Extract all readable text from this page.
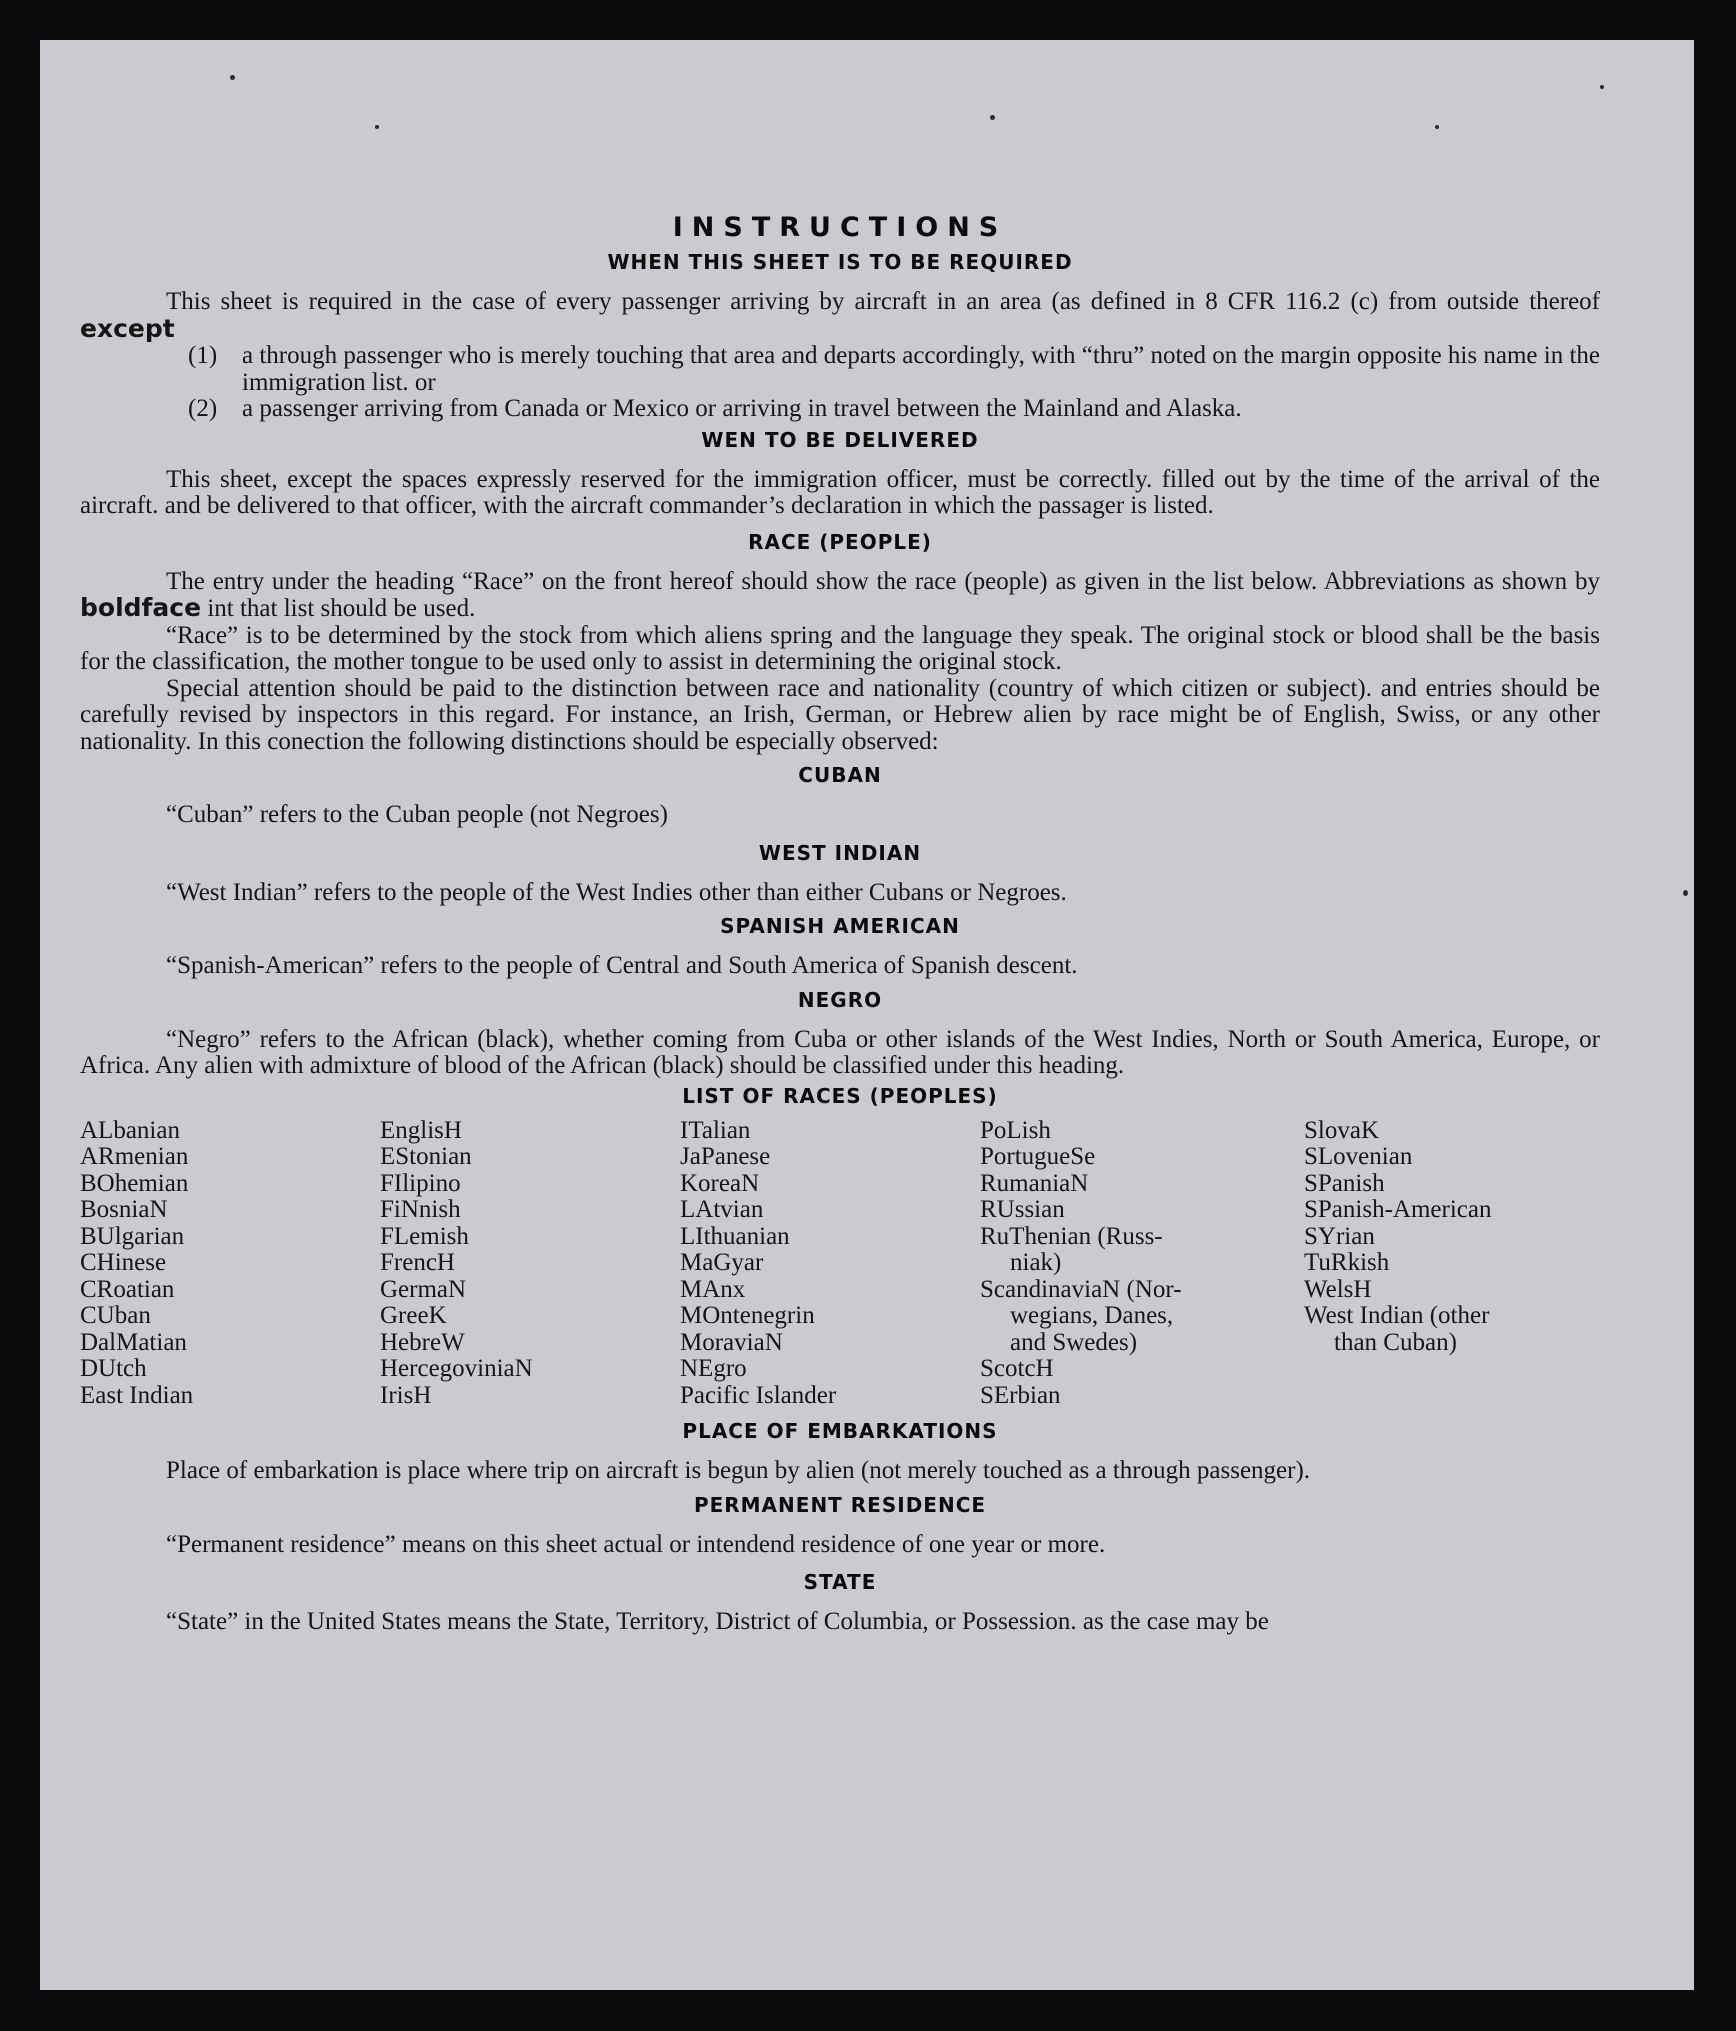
INSTRUCTIONS
WHEN THIS SHEET IS TO BE REQUIRED

This sheet is required in the case of every passenger arriving by aircraft in an area (as defined in 8 CFR 116.2 (c) from outside thereof except

(1) a through passenger who is merely touching that area and departs accordingly, with “thru” noted on the margin opposite his name in the immigration list. or
(2) a passenger arriving from Canada or Mexico or arriving in travel between the Mainland and Alaska.
WEN TO BE DELIVERED

This sheet, except the spaces expressly reserved for the immigration officer, must be correctly. filled out by the time of the arrival of the aircraft. and be delivered to that officer, with the aircraft commander’s declaration in which the passager is listed.

RACE (PEOPLE)

The entry under the heading “Race” on the front hereof should show the race (people) as given in the list below. Abbreviations as shown by boldface int that list should be used.

“Race” is to be determined by the stock from which aliens spring and the language they speak. The original stock or blood shall be the basis for the classification, the mother tongue to be used only to assist in determining the original stock.

Special attention should be paid to the distinction between race and nationality (country of which citizen or subject). and entries should be carefully revised by inspectors in this regard. For instance, an Irish, German, or Hebrew alien by race might be of English, Swiss, or any other nationality. In this conection the following distinctions should be especially observed:

CUBAN

“Cuban” refers to the Cuban people (not Negroes)

WEST INDIAN

“West Indian” refers to the people of the West Indies other than either Cubans or Negroes.

SPANISH AMERICAN

“Spanish-American” refers to the people of Central and South America of Spanish descent.

NEGRO

“Negro” refers to the African (black), whether coming from Cuba or other islands of the West Indies, North or South America, Europe, or Africa. Any alien with admixture of blood of the African (black) should be classified under this heading.

LIST OF RACES (PEOPLES)
ALbanian
ARmenian
BOhemian
BosniaN
BUlgarian
CHinese
CRoatian
CUban
DalMatian
DUtch
East Indian
EnglisH
EStonian
FIlipino
FiNnish
FLemish
FrencH
GermaN
GreeK
HebreW
HercegoviniaN
IrisH
ITalian
JaPanese
KoreaN
LAtvian
LIthuanian
MaGyar
MAnx
MOntenegrin
MoraviaN
NEgro
Pacific Islander
PoLish
PortugueSe
RumaniaN
RUssian
RuThenian (Russ-
niak)
ScandinaviaN (Nor-
wegians, Danes,
and Swedes)
ScotcH
SErbian
SlovaK
SLovenian
SPanish
SPanish-American
SYrian
TuRkish
WelsH
West Indian (other
than Cuban)
PLACE OF EMBARKATIONS

Place of embarkation is place where trip on aircraft is begun by alien (not merely touched as a through passenger).

PERMANENT RESIDENCE

“Permanent residence” means on this sheet actual or intendend residence of one year or more.

STATE

“State” in the United States means the State, Territory, District of Columbia, or Possession. as the case may be
